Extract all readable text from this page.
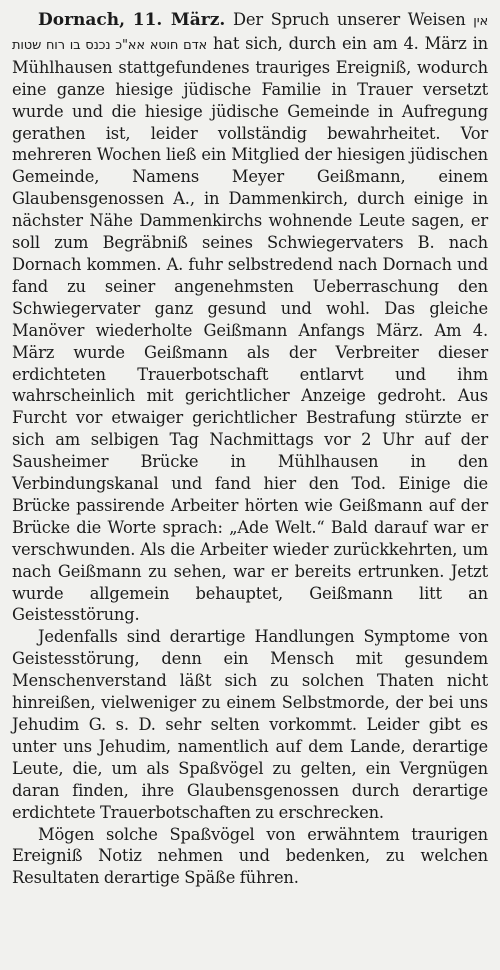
Dornach, 11. März. Der Spruch unserer Weisen אין אדם חוטא אא"כ נכנס בו רוח שטות hat sich, durch ein am 4. März in Mühlhausen stattgefundenes trauriges Ereigniß, wodurch eine ganze hiesige jüdische Familie in Trauer versetzt wurde und die hiesige jüdische Gemeinde in Aufregung gerathen ist, leider vollständig bewahrheitet. Vor mehreren Wochen ließ ein Mitglied der hiesigen jüdischen Gemeinde, Namens Meyer Geißmann, einem Glaubensgenossen A., in Dammenkirch, durch einige in nächster Nähe Dammenkirchs wohnende Leute sagen, er soll zum Begräbniß seines Schwiegervaters B. nach Dornach kommen. A. fuhr selbstredend nach Dornach und fand zu seiner angenehmsten Ueberraschung den Schwiegervater ganz gesund und wohl. Das gleiche Manöver wiederholte Geißmann Anfangs März. Am 4. März wurde Geißmann als der Verbreiter dieser erdichteten Trauerbotschaft entlarvt und ihm wahrscheinlich mit gerichtlicher Anzeige gedroht. Aus Furcht vor etwaiger gerichtlicher Bestrafung stürzte er sich am selbigen Tag Nachmittags vor 2 Uhr auf der Sausheimer Brücke in Mühlhausen in den Verbindungskanal und fand hier den Tod. Einige die Brücke passirende Arbeiter hörten wie Geißmann auf der Brücke die Worte sprach: „Ade Welt.“ Bald darauf war er verschwunden. Als die Arbeiter wieder zurückkehrten, um nach Geißmann zu sehen, war er bereits ertrunken. Jetzt wurde allgemein behauptet, Geißmann litt an Geistesstörung.

Jedenfalls sind derartige Handlungen Symptome von Geistesstörung, denn ein Mensch mit gesundem Menschenverstand läßt sich zu solchen Thaten nicht hinreißen, vielweniger zu einem Selbstmorde, der bei uns Jehudim G. s. D. sehr selten vorkommt. Leider gibt es unter uns Jehudim, namentlich auf dem Lande, derartige Leute, die, um als Spaßvögel zu gelten, ein Vergnügen daran finden, ihre Glaubensgenossen durch derartige erdichtete Trauerbotschaften zu erschrecken.

Mögen solche Spaßvögel von erwähntem traurigen Ereigniß Notiz nehmen und bedenken, zu welchen Resultaten derartige Späße führen.
